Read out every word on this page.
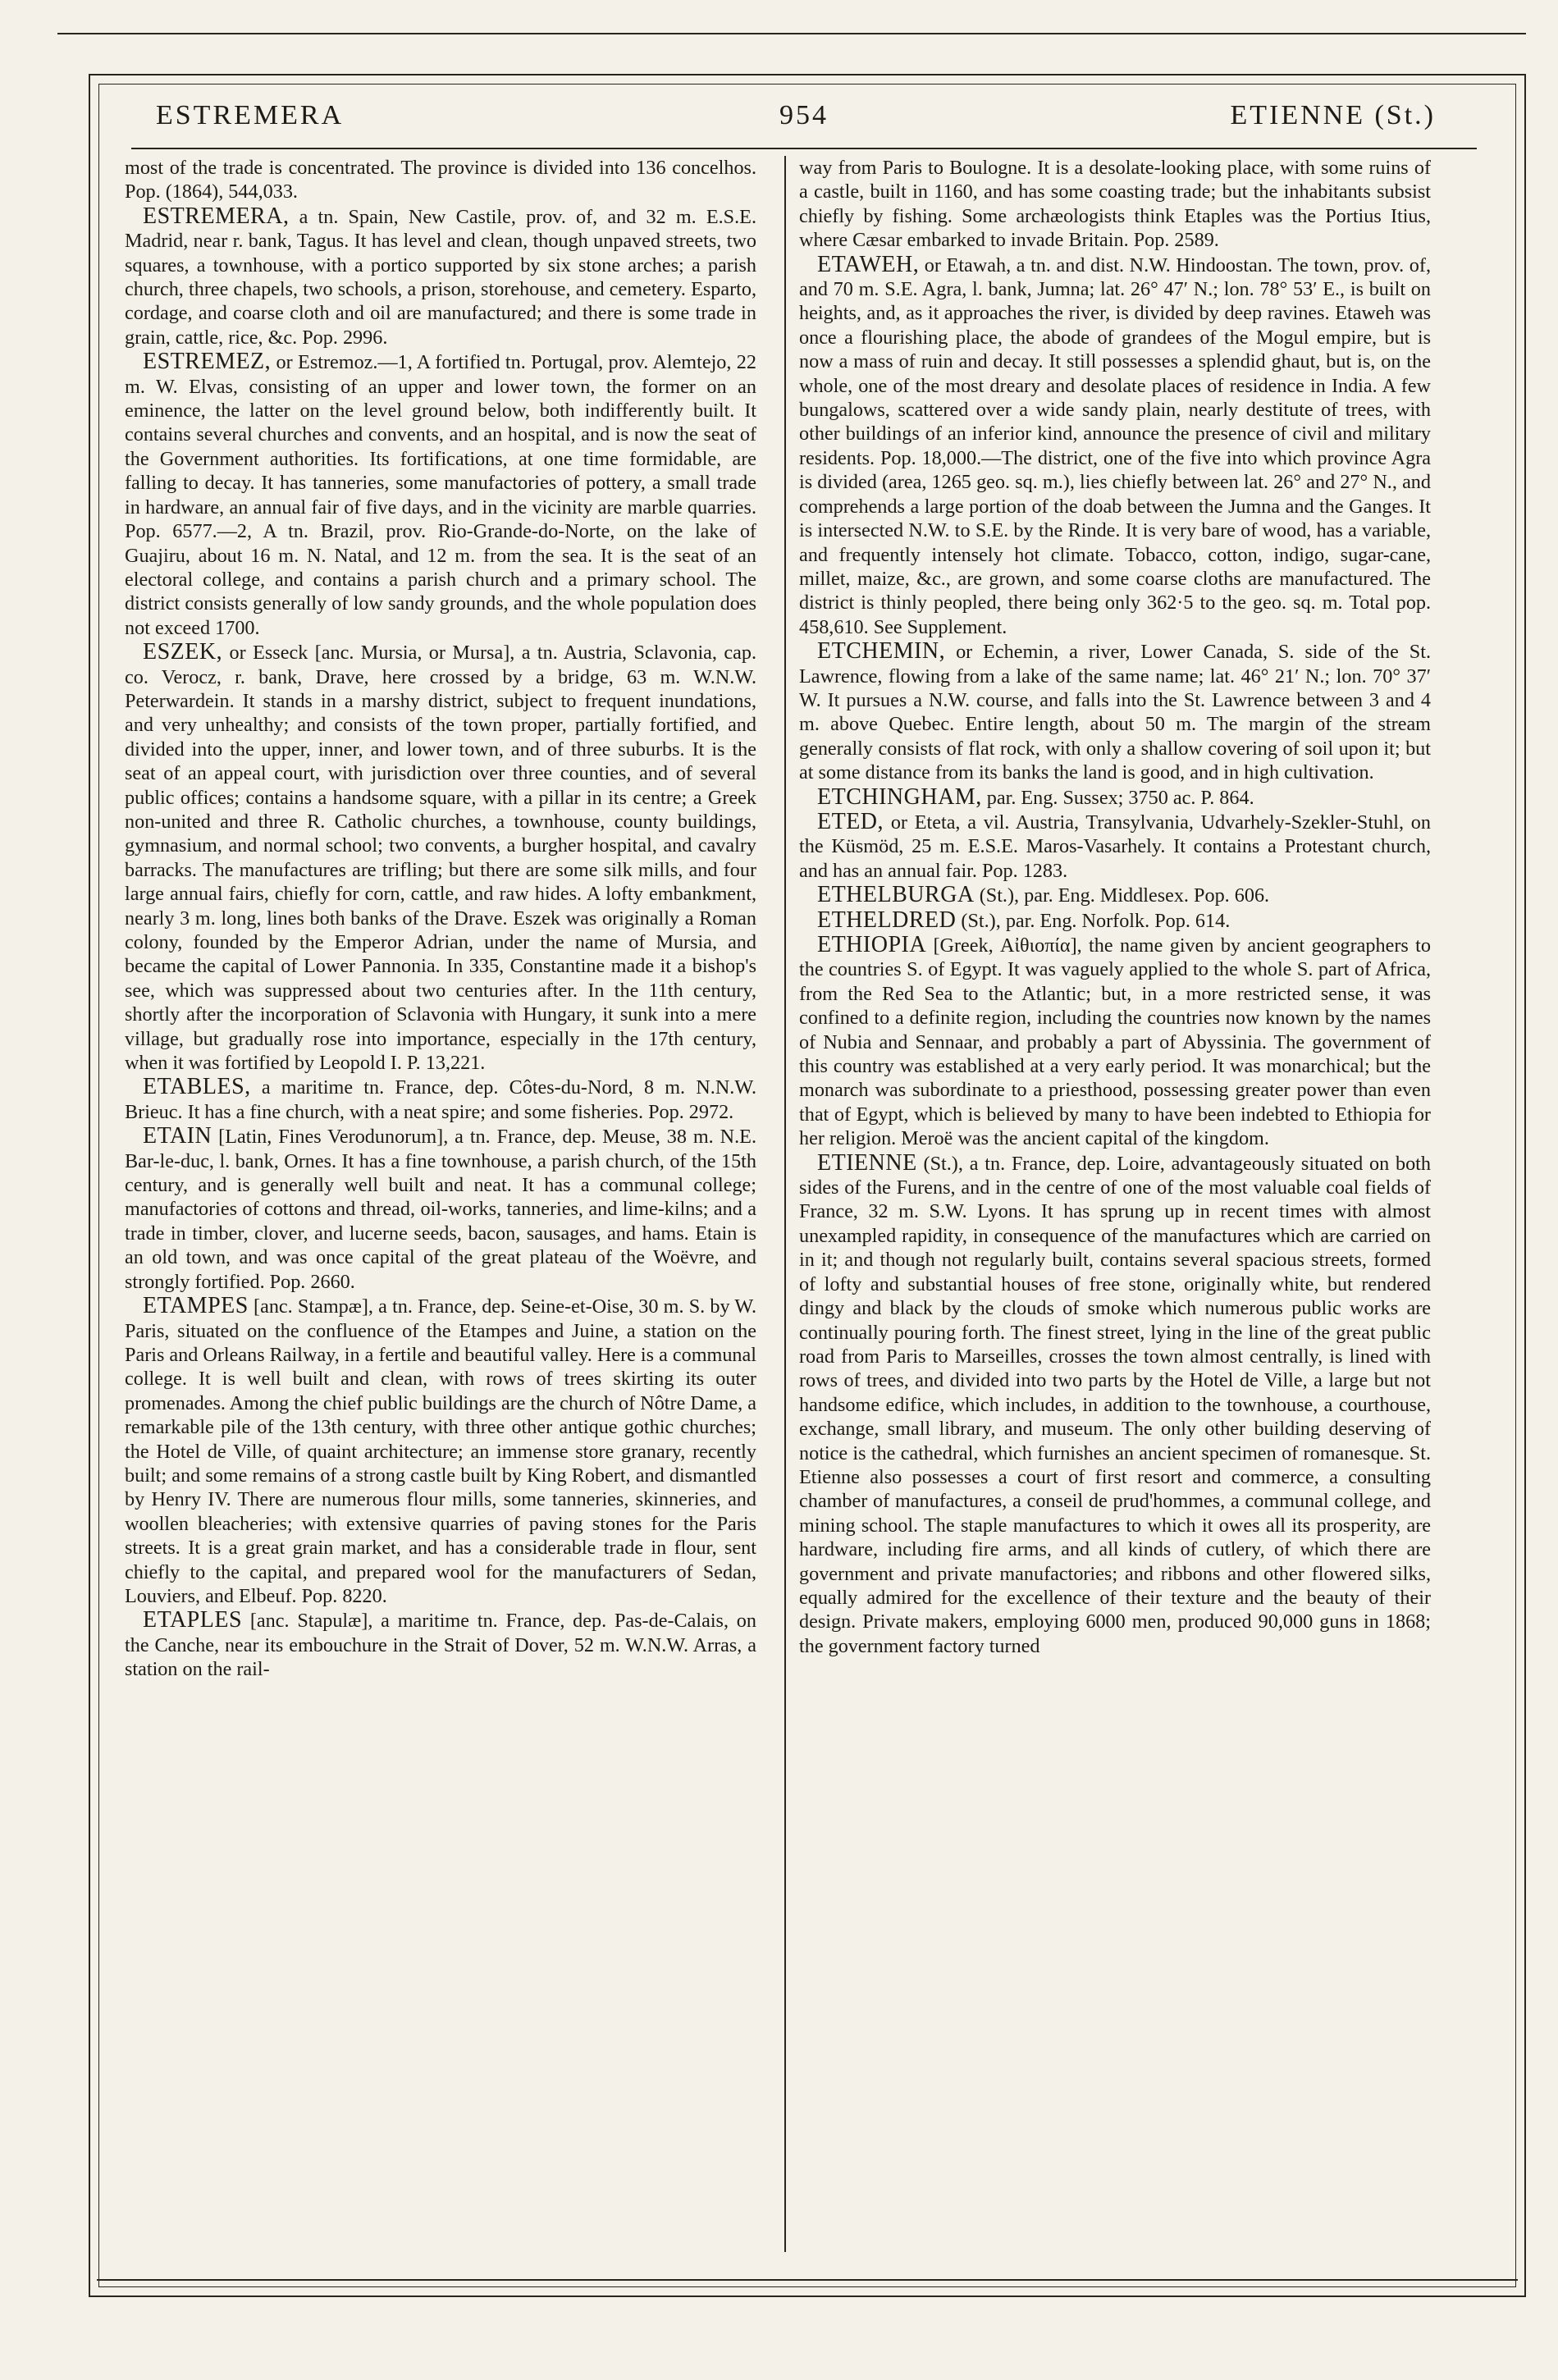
ESTREMERA	954	ETIENNE (St.)

most of the trade is concentrated. The province is divided into 136 concelhos. Pop. (1864), 544,033.

ESTREMERA, a tn. Spain, New Castile, prov. of, and 32 m. E.S.E. Madrid, near r. bank, Tagus. It has level and clean, though unpaved streets, two squares, a townhouse, with a portico supported by six stone arches; a parish church, three chapels, two schools, a prison, storehouse, and cemetery. Esparto, cordage, and coarse cloth and oil are manufactured; and there is some trade in grain, cattle, rice, &c. Pop. 2996.

ESTREMEZ, or Estremoz.—1, A fortified tn. Portugal, prov. Alemtejo, 22 m. W. Elvas, consisting of an upper and lower town, the former on an eminence, the latter on the level ground below, both indifferently built. It contains several churches and convents, and an hospital, and is now the seat of the Government authorities. Its fortifications, at one time formidable, are falling to decay. It has tanneries, some manufactories of pottery, a small trade in hardware, an annual fair of five days, and in the vicinity are marble quarries. Pop. 6577.—2, A tn. Brazil, prov. Rio-Grande-do-Norte, on the lake of Guajiru, about 16 m. N. Natal, and 12 m. from the sea. It is the seat of an electoral college, and contains a parish church and a primary school. The district consists generally of low sandy grounds, and the whole population does not exceed 1700.

ESZEK, or Esseck [anc. Mursia, or Mursa], a tn. Austria, Sclavonia, cap. co. Verocz, r. bank, Drave, here crossed by a bridge, 63 m. W.N.W. Peterwardein. It stands in a marshy district, subject to frequent inundations, and very unhealthy; and consists of the town proper, partially fortified, and divided into the upper, inner, and lower town, and of three suburbs. It is the seat of an appeal court, with jurisdiction over three counties, and of several public offices; contains a handsome square, with a pillar in its centre; a Greek non-united and three R. Catholic churches, a townhouse, county buildings, gymnasium, and normal school; two convents, a burgher hospital, and cavalry barracks. The manufactures are trifling; but there are some silk mills, and four large annual fairs, chiefly for corn, cattle, and raw hides. A lofty embankment, nearly 3 m. long, lines both banks of the Drave. Eszek was originally a Roman colony, founded by the Emperor Adrian, under the name of Mursia, and became the capital of Lower Pannonia. In 335, Constantine made it a bishop's see, which was suppressed about two centuries after. In the 11th century, shortly after the incorporation of Sclavonia with Hungary, it sunk into a mere village, but gradually rose into importance, especially in the 17th century, when it was fortified by Leopold I. P. 13,221.

ETABLES, a maritime tn. France, dep. Côtes-du-Nord, 8 m. N.N.W. Brieuc. It has a fine church, with a neat spire; and some fisheries. Pop. 2972.

ETAIN [Latin, Fines Verodunorum], a tn. France, dep. Meuse, 38 m. N.E. Bar-le-duc, l. bank, Ornes. It has a fine townhouse, a parish church, of the 15th century, and is generally well built and neat. It has a communal college; manufactories of cottons and thread, oil-works, tanneries, and lime-kilns; and a trade in timber, clover, and lucerne seeds, bacon, sausages, and hams. Etain is an old town, and was once capital of the great plateau of the Woëvre, and strongly fortified. Pop. 2660.

ETAMPES [anc. Stampæ], a tn. France, dep. Seine-et-Oise, 30 m. S. by W. Paris, situated on the confluence of the Etampes and Juine, a station on the Paris and Orleans Railway, in a fertile and beautiful valley. Here is a communal college. It is well built and clean, with rows of trees skirting its outer promenades. Among the chief public buildings are the church of Nôtre Dame, a remarkable pile of the 13th century, with three other antique gothic churches; the Hotel de Ville, of quaint architecture; an immense store granary, recently built; and some remains of a strong castle built by King Robert, and dismantled by Henry IV. There are numerous flour mills, some tanneries, skinneries, and woollen bleacheries; with extensive quarries of paving stones for the Paris streets. It is a great grain market, and has a considerable trade in flour, sent chiefly to the capital, and prepared wool for the manufacturers of Sedan, Louviers, and Elbeuf. Pop. 8220.

ETAPLES [anc. Stapulæ], a maritime tn. France, dep. Pas-de-Calais, on the Canche, near its embouchure in the Strait of Dover, 52 m. W.N.W. Arras, a station on the rail-

way from Paris to Boulogne. It is a desolate-looking place, with some ruins of a castle, built in 1160, and has some coasting trade; but the inhabitants subsist chiefly by fishing. Some archæologists think Etaples was the Portius Itius, where Cæsar embarked to invade Britain. Pop. 2589.

ETAWEH, or Etawah, a tn. and dist. N.W. Hindoostan. The town, prov. of, and 70 m. S.E. Agra, l. bank, Jumna; lat. 26° 47′ N.; lon. 78° 53′ E., is built on heights, and, as it approaches the river, is divided by deep ravines. Etaweh was once a flourishing place, the abode of grandees of the Mogul empire, but is now a mass of ruin and decay. It still possesses a splendid ghaut, but is, on the whole, one of the most dreary and desolate places of residence in India. A few bungalows, scattered over a wide sandy plain, nearly destitute of trees, with other buildings of an inferior kind, announce the presence of civil and military residents. Pop. 18,000.—The district, one of the five into which province Agra is divided (area, 1265 geo. sq. m.), lies chiefly between lat. 26° and 27° N., and comprehends a large portion of the doab between the Jumna and the Ganges. It is intersected N.W. to S.E. by the Rinde. It is very bare of wood, has a variable, and frequently intensely hot climate. Tobacco, cotton, indigo, sugar-cane, millet, maize, &c., are grown, and some coarse cloths are manufactured. The district is thinly peopled, there being only 362·5 to the geo. sq. m. Total pop. 458,610. See Supplement.

ETCHEMIN, or Echemin, a river, Lower Canada, S. side of the St. Lawrence, flowing from a lake of the same name; lat. 46° 21′ N.; lon. 70° 37′ W. It pursues a N.W. course, and falls into the St. Lawrence between 3 and 4 m. above Quebec. Entire length, about 50 m. The margin of the stream generally consists of flat rock, with only a shallow covering of soil upon it; but at some distance from its banks the land is good, and in high cultivation.

ETCHINGHAM, par. Eng. Sussex; 3750 ac. P. 864.

ETED, or Eteta, a vil. Austria, Transylvania, Udvarhely-Szekler-Stuhl, on the Küsmöd, 25 m. E.S.E. Maros-Vasarhely. It contains a Protestant church, and has an annual fair. Pop. 1283.

ETHELBURGA (St.), par. Eng. Middlesex. Pop. 606.

ETHELDRED (St.), par. Eng. Norfolk. Pop. 614.

ETHIOPIA [Greek, Αἰθιοπία], the name given by ancient geographers to the countries S. of Egypt. It was vaguely applied to the whole S. part of Africa, from the Red Sea to the Atlantic; but, in a more restricted sense, it was confined to a definite region, including the countries now known by the names of Nubia and Sennaar, and probably a part of Abyssinia. The government of this country was established at a very early period. It was monarchical; but the monarch was subordinate to a priesthood, possessing greater power than even that of Egypt, which is believed by many to have been indebted to Ethiopia for her religion. Meroë was the ancient capital of the kingdom.

ETIENNE (St.), a tn. France, dep. Loire, advantageously situated on both sides of the Furens, and in the centre of one of the most valuable coal fields of France, 32 m. S.W. Lyons. It has sprung up in recent times with almost unexampled rapidity, in consequence of the manufactures which are carried on in it; and though not regularly built, contains several spacious streets, formed of lofty and substantial houses of free stone, originally white, but rendered dingy and black by the clouds of smoke which numerous public works are continually pouring forth. The finest street, lying in the line of the great public road from Paris to Marseilles, crosses the town almost centrally, is lined with rows of trees, and divided into two parts by the Hotel de Ville, a large but not handsome edifice, which includes, in addition to the townhouse, a courthouse, exchange, small library, and museum. The only other building deserving of notice is the cathedral, which furnishes an ancient specimen of romanesque. St. Etienne also possesses a court of first resort and commerce, a consulting chamber of manufactures, a conseil de prud'hommes, a communal college, and mining school. The staple manufactures to which it owes all its prosperity, are hardware, including fire arms, and all kinds of cutlery, of which there are government and private manufactories; and ribbons and other flowered silks, equally admired for the excellence of their texture and the beauty of their design. Private makers, employing 6000 men, produced 90,000 guns in 1868; the government factory turned
